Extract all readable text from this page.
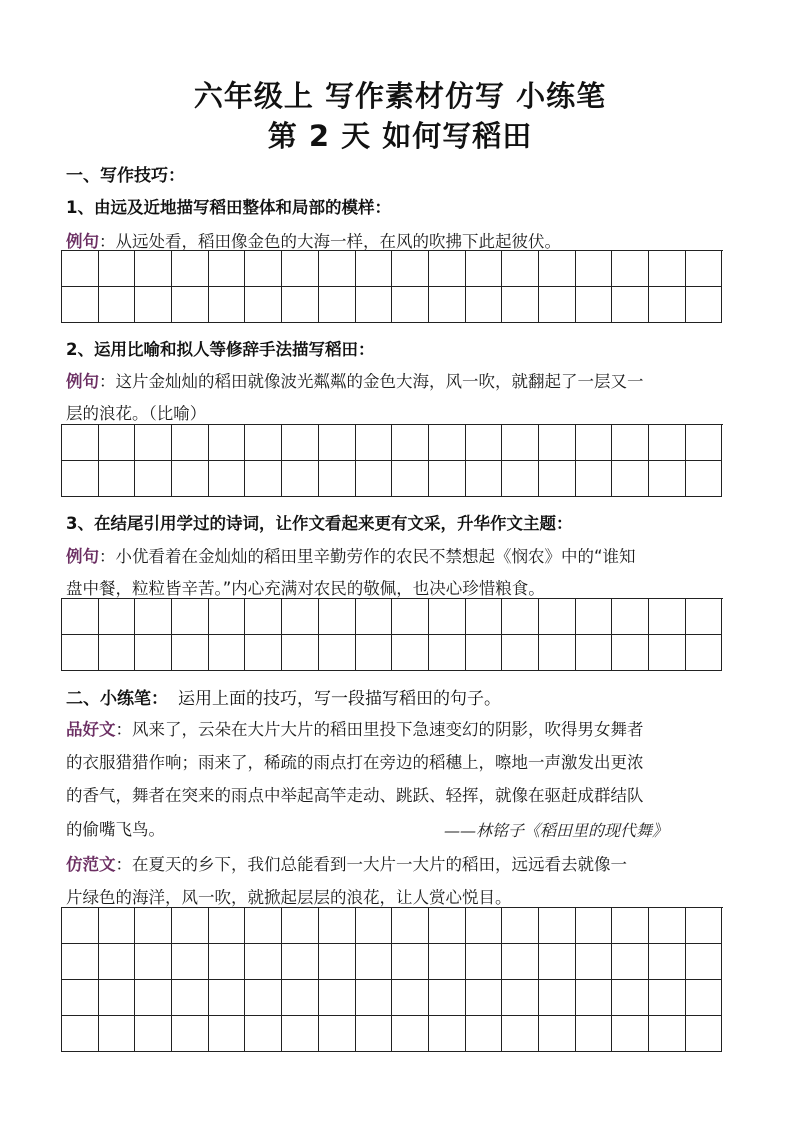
六年级上 写作素材仿写 小练笔
第 2 天 如何写稻田
一、写作技巧：
1、由远及近地描写稻田整体和局部的模样：
例句：从远处看，稻田像金色的大海一样，在风的吹拂下此起彼伏。
2、运用比喻和拟人等修辞手法描写稻田：
例句：这片金灿灿的稻田就像波光粼粼的金色大海，风一吹，就翻起了一层又一
层的浪花。（比喻）
3、在结尾引用学过的诗词，让作文看起来更有文采，升华作文主题：
例句：小优看着在金灿灿的稻田里辛勤劳作的农民不禁想起《悯农》中的“谁知
盘中餐，粒粒皆辛苦。”内心充满对农民的敬佩，也决心珍惜粮食。
二、小练笔： 运用上面的技巧，写一段描写稻田的句子。
品好文：风来了，云朵在大片大片的稻田里投下急速变幻的阴影，吹得男女舞者
的衣服猎猎作响；雨来了，稀疏的雨点打在旁边的稻穗上，嚓地一声激发出更浓
的香气，舞者在突来的雨点中举起高竿走动、跳跃、轻挥，就像在驱赶成群结队
的偷嘴飞鸟。	——林铭子《稻田里的现代舞》
仿范文：在夏天的乡下，我们总能看到一大片一大片的稻田，远远看去就像一
片绿色的海洋，风一吹，就掀起层层的浪花，让人赏心悦目。
